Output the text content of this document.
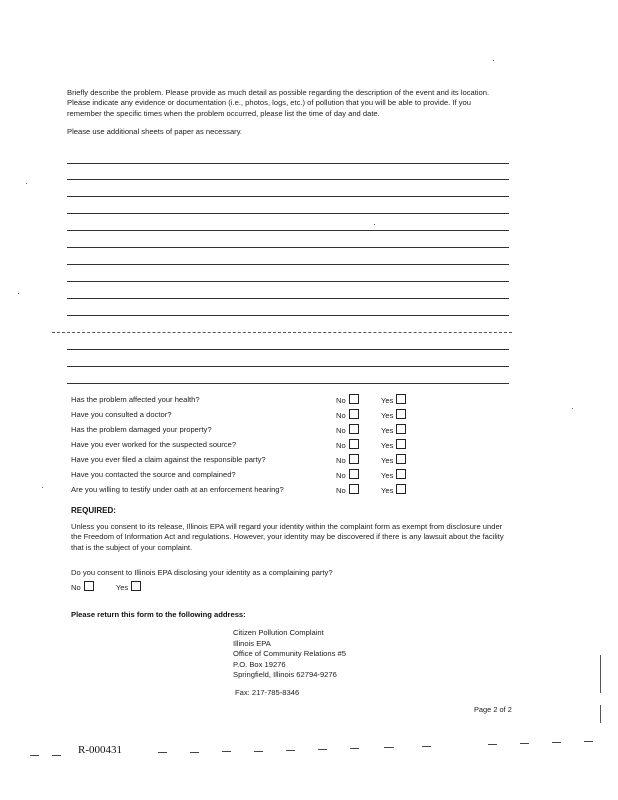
Briefly describe the problem. Please provide as much detail as possible regarding the description of the event and its location. Please indicate any evidence or documentation (i.e., photos, logs, etc.) of pollution that you will be able to provide. If you remember the specific times when the problem occurred, please list the time of day and date.

Please use additional sheets of paper as necessary.

Has the problem affected your health?	No	Yes
Have you consulted a doctor?	No	Yes
Has the problem damaged your property?	No	Yes
Have you ever worked for the suspected source?	No	Yes
Have you ever filed a claim against the responsible party?	No	Yes
Have you contacted the source and complained?	No	Yes
Are you willing to testify under oath at an enforcement hearing?	No	Yes
REQUIRED:
Unless you consent to its release, Illinois EPA will regard your identity within the complaint form as exempt from disclosure under the Freedom of Information Act and regulations. However, your identity may be discovered if there is any lawsuit about the facility that is the subject of your complaint.
Do you consent to Illinois EPA disclosing your identity as a complaining party?
No	Yes
Please return this form to the following address:
Citizen Pollution Complaint
Illinois EPA
Office of Community Relations #5
P.O. Box 19276
Springfield, Illinois 62794-9276
Fax: 217-785-8346
Page 2 of 2
R-000431
